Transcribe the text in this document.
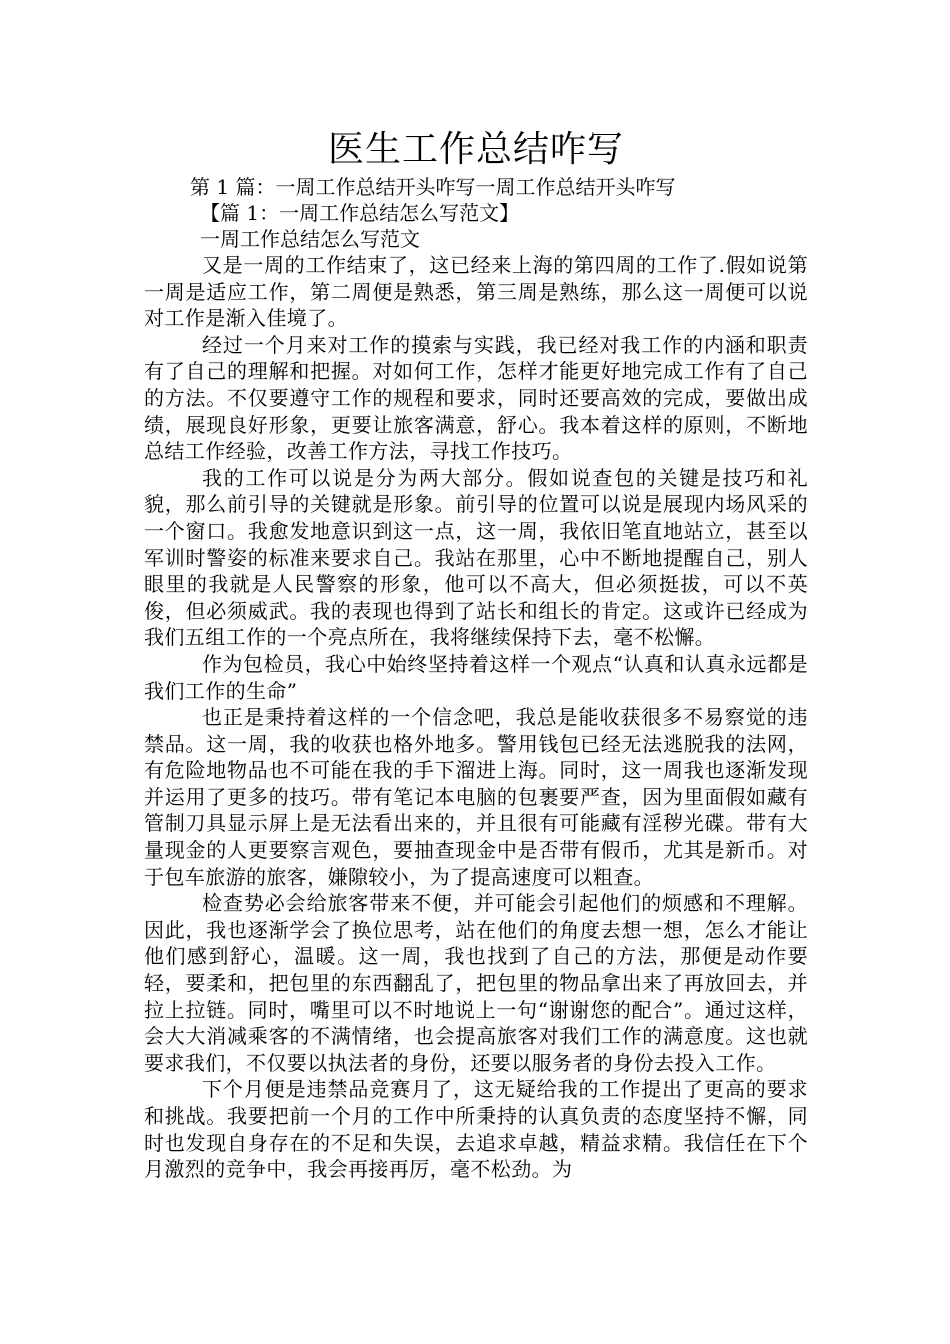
医生工作总结咋写
第 1 篇：一周工作总结开头咋写一周工作总结开头咋写
【篇 1：一周工作总结怎么写范文】
一周工作总结怎么写范文

又是一周的工作结束了，这已经来上海的第四周的工作了.假如说第一周是适应工作，第二周便是熟悉，第三周是熟练，那么这一周便可以说对工作是渐入佳境了。

经过一个月来对工作的摸索与实践，我已经对我工作的内涵和职责有了自己的理解和把握。对如何工作，怎样才能更好地完成工作有了自己的方法。不仅要遵守工作的规程和要求，同时还要高效的完成，要做出成绩，展现良好形象，更要让旅客满意，舒心。我本着这样的原则，不断地总结工作经验，改善工作方法，寻找工作技巧。

我的工作可以说是分为两大部分。假如说查包的关键是技巧和礼貌，那么前引导的关键就是形象。前引导的位置可以说是展现内场风采的一个窗口。我愈发地意识到这一点，这一周，我依旧笔直地站立，甚至以军训时警姿的标准来要求自己。我站在那里，心中不断地提醒自己，别人眼里的我就是人民警察的形象，他可以不高大，但必须挺拔，可以不英俊，但必须威武。我的表现也得到了站长和组长的肯定。这或许已经成为我们五组工作的一个亮点所在，我将继续保持下去，毫不松懈。

作为包检员，我心中始终坚持着这样一个观点“认真和认真永远都是我们工作的生命”

也正是秉持着这样的一个信念吧，我总是能收获很多不易察觉的违禁品。这一周，我的收获也格外地多。警用钱包已经无法逃脱我的法网，有危险地物品也不可能在我的手下溜进上海。同时，这一周我也逐渐发现并运用了更多的技巧。带有笔记本电脑的包裹要严查，因为里面假如藏有管制刀具显示屏上是无法看出来的，并且很有可能藏有淫秽光碟。带有大量现金的人更要察言观色，要抽查现金中是否带有假币，尤其是新币。对于包车旅游的旅客，嫌隙较小，为了提高速度可以粗查。

检查势必会给旅客带来不便，并可能会引起他们的烦感和不理解。因此，我也逐渐学会了换位思考，站在他们的角度去想一想，怎么才能让他们感到舒心，温暖。这一周，我也找到了自己的方法，那便是动作要轻，要柔和，把包里的东西翻乱了，把包里的物品拿出来了再放回去，并拉上拉链。同时，嘴里可以不时地说上一句“谢谢您的配合”。通过这样，会大大消减乘客的不满情绪，也会提高旅客对我们工作的满意度。这也就要求我们，不仅要以执法者的身份，还要以服务者的身份去投入工作。

下个月便是违禁品竞赛月了，这无疑给我的工作提出了更高的要求和挑战。我要把前一个月的工作中所秉持的认真负责的态度坚持不懈，同时也发现自身存在的不足和失误，去追求卓越，精益求精。我信任在下个月激烈的竞争中，我会再接再厉，毫不松劲。为
